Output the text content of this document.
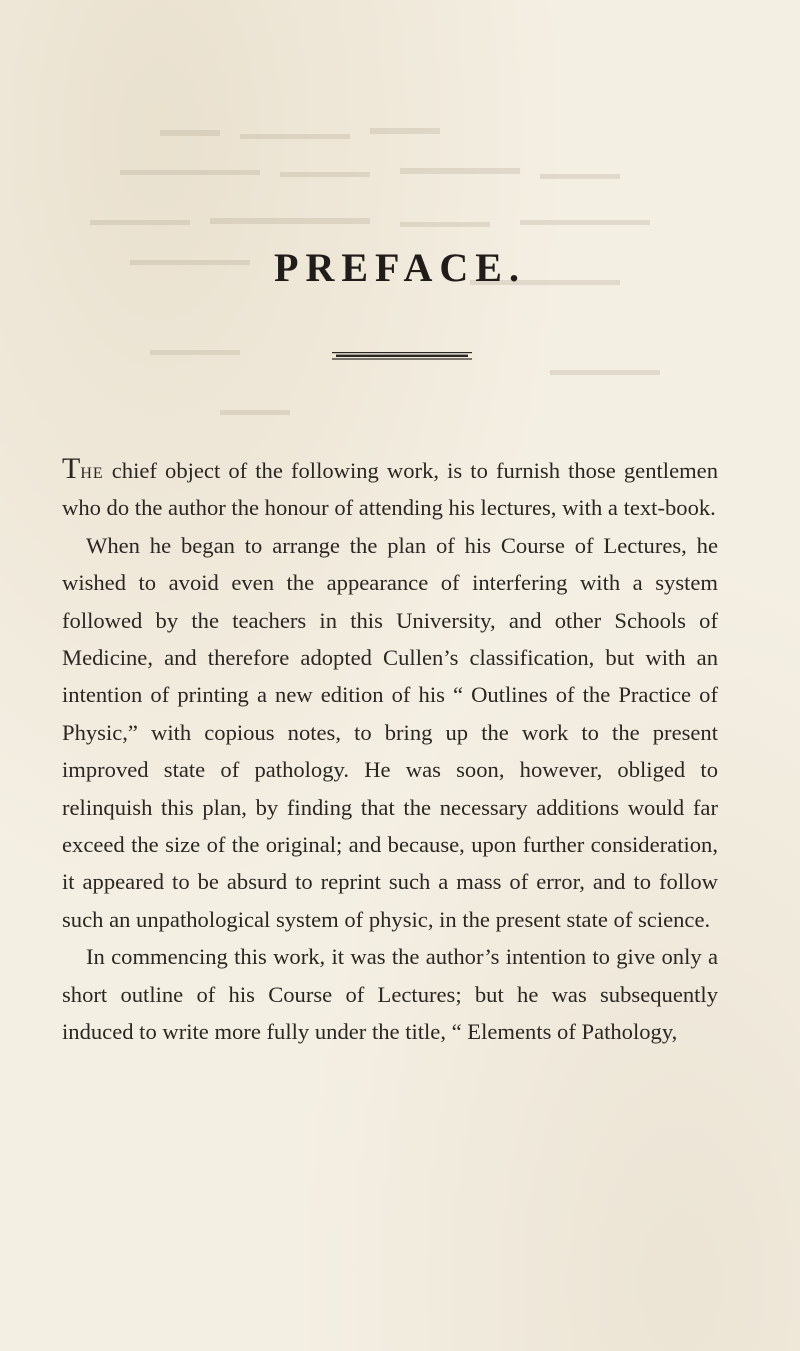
PREFACE.

The chief object of the following work, is to furnish those gentlemen who do the author the honour of attending his lectures, with a text-book.

When he began to arrange the plan of his Course of Lectures, he wished to avoid even the appearance of interfering with a system followed by the teachers in this University, and other Schools of Medicine, and therefore adopted Cullen’s classification, but with an intention of printing a new edition of his “ Outlines of the Practice of Physic,” with copious notes, to bring up the work to the present improved state of pathology. He was soon, however, obliged to relinquish this plan, by finding that the necessary additions would far exceed the size of the original; and because, upon further consideration, it appeared to be absurd to reprint such a mass of error, and to follow such an unpathological system of physic, in the present state of science.

In commencing this work, it was the author’s intention to give only a short outline of his Course of Lectures; but he was subsequently induced to write more fully under the title, “ Elements of Pathology,
